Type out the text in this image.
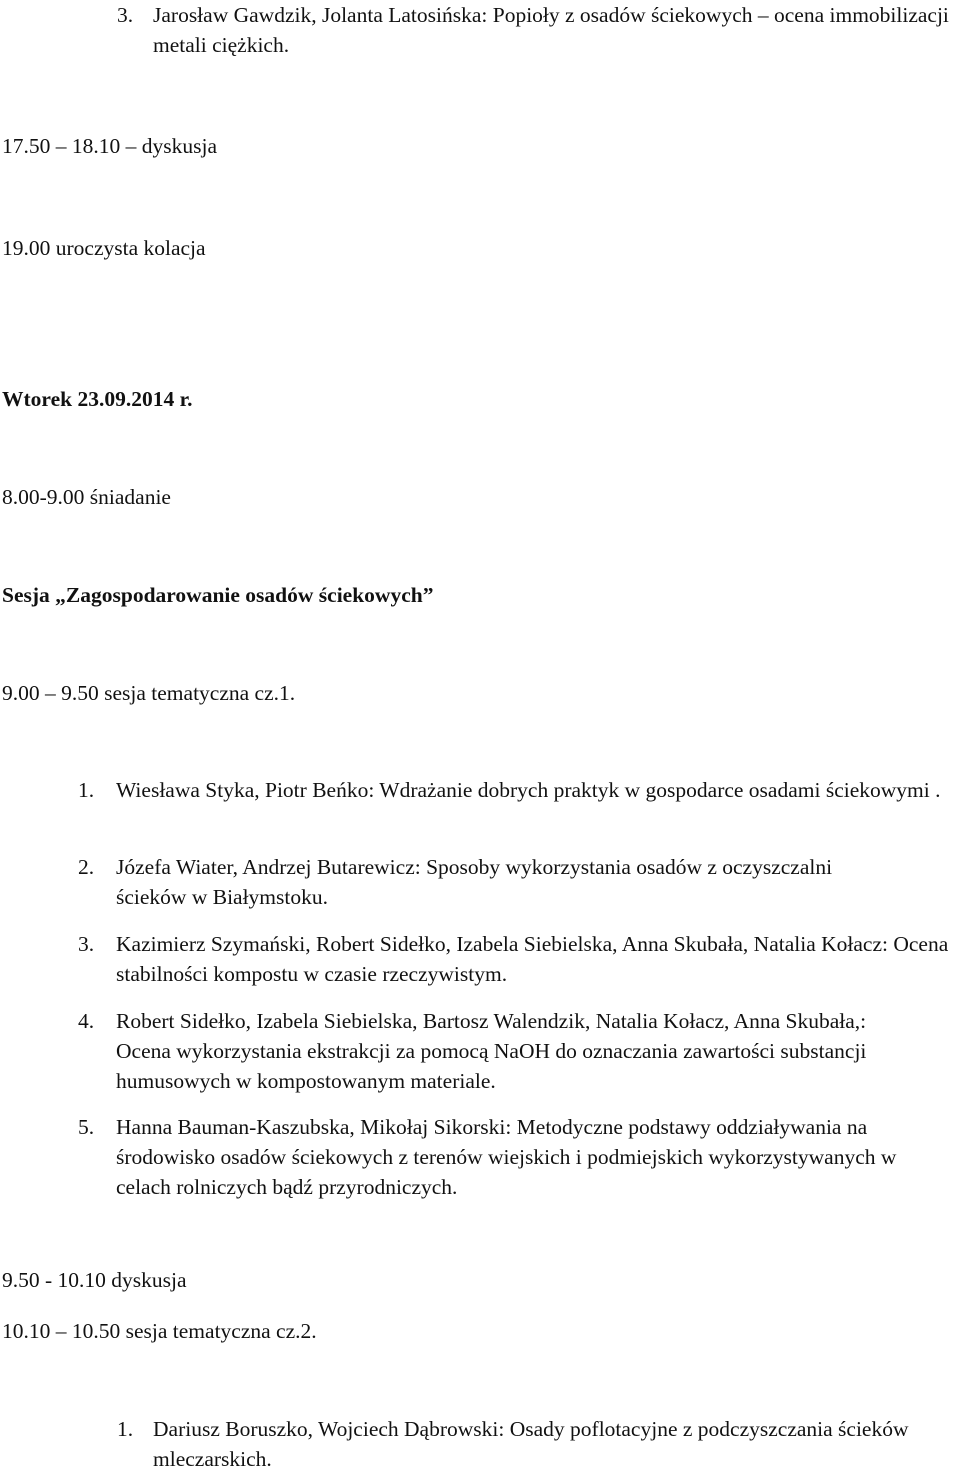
3. Jarosław Gawdzik, Jolanta Latosińska: Popioły z osadów ściekowych – ocena immobilizacji metali ciężkich.
17.50 – 18.10 – dyskusja
19.00 uroczysta kolacja
Wtorek 23.09.2014 r.
8.00-9.00 śniadanie
Sesja „Zagospodarowanie osadów ściekowych”
9.00 – 9.50 sesja tematyczna cz.1.
1. Wiesława Styka, Piotr Beńko: Wdrażanie dobrych praktyk w gospodarce osadami ściekowymi .
2. Józefa Wiater, Andrzej Butarewicz: Sposoby wykorzystania osadów z oczyszczalni ścieków w Białymstoku.
3. Kazimierz Szymański, Robert Sidełko, Izabela Siebielska, Anna Skubała, Natalia Kołacz: Ocena stabilności kompostu w czasie rzeczywistym.
4. Robert Sidełko, Izabela Siebielska, Bartosz Walendzik, Natalia Kołacz, Anna Skubała,: Ocena wykorzystania ekstrakcji za pomocą NaOH do oznaczania zawartości substancji humusowych w kompostowanym materiale.
5. Hanna Bauman-Kaszubska, Mikołaj Sikorski: Metodyczne podstawy oddziaływania na środowisko osadów ściekowych z terenów wiejskich i podmiejskich wykorzystywanych w celach rolniczych bądź przyrodniczych.
9.50 - 10.10 dyskusja
10.10 – 10.50 sesja tematyczna cz.2.
1. Dariusz Boruszko, Wojciech Dąbrowski: Osady poflotacyjne z podczyszczania ścieków mleczarskich.
